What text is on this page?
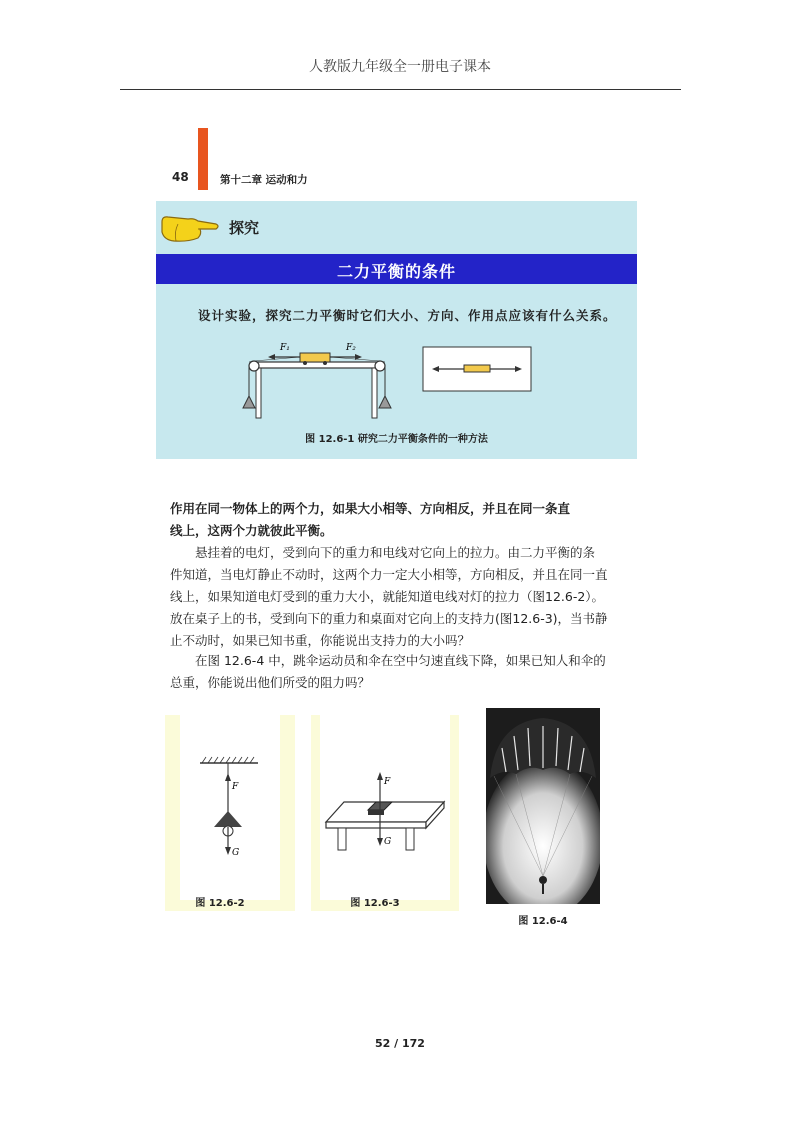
人教版九年级全一册电子课本
48	第十二章 运动和力
探究
二力平衡的条件
设计实验，探究二力平衡时它们大小、方向、作用点应该有什么关系。
F₁	F₂
图 12.6-1 研究二力平衡条件的一种方法
作用在同一物体上的两个力，如果大小相等、方向相反，并且在同一条直
线上，这两个力就彼此平衡。
　　悬挂着的电灯，受到向下的重力和电线对它向上的拉力。由二力平衡的条
件知道，当电灯静止不动时，这两个力一定大小相等，方向相反，并且在同一直
线上，如果知道电灯受到的重力大小，就能知道电线对灯的拉力（图12.6-2）。
放在桌子上的书，受到向下的重力和桌面对它向上的支持力(图12.6-3)，当书静
止不动时，如果已知书重，你能说出支持力的大小吗？
　　在图 12.6-4 中，跳伞运动员和伞在空中匀速直线下降，如果已知人和伞的
总重，你能说出他们所受的阻力吗？
F
G
图 12.6-2
F
G
图 12.6-3
图 12.6-4
52 / 172
